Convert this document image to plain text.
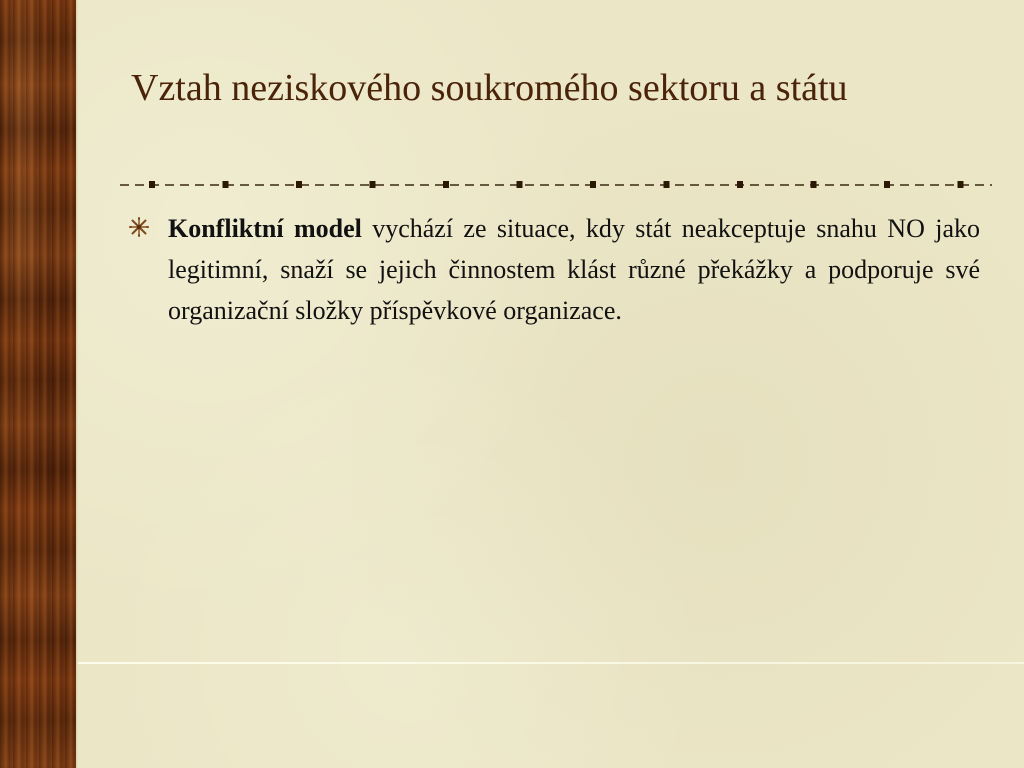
Vztah neziskového soukromého sektoru a státu
Konfliktní model vychází ze situace, kdy stát neakceptuje snahu NO jako legitimní, snaží se jejich činnostem klást různé překážky a podporuje své organizační složky příspěvkové organizace.
